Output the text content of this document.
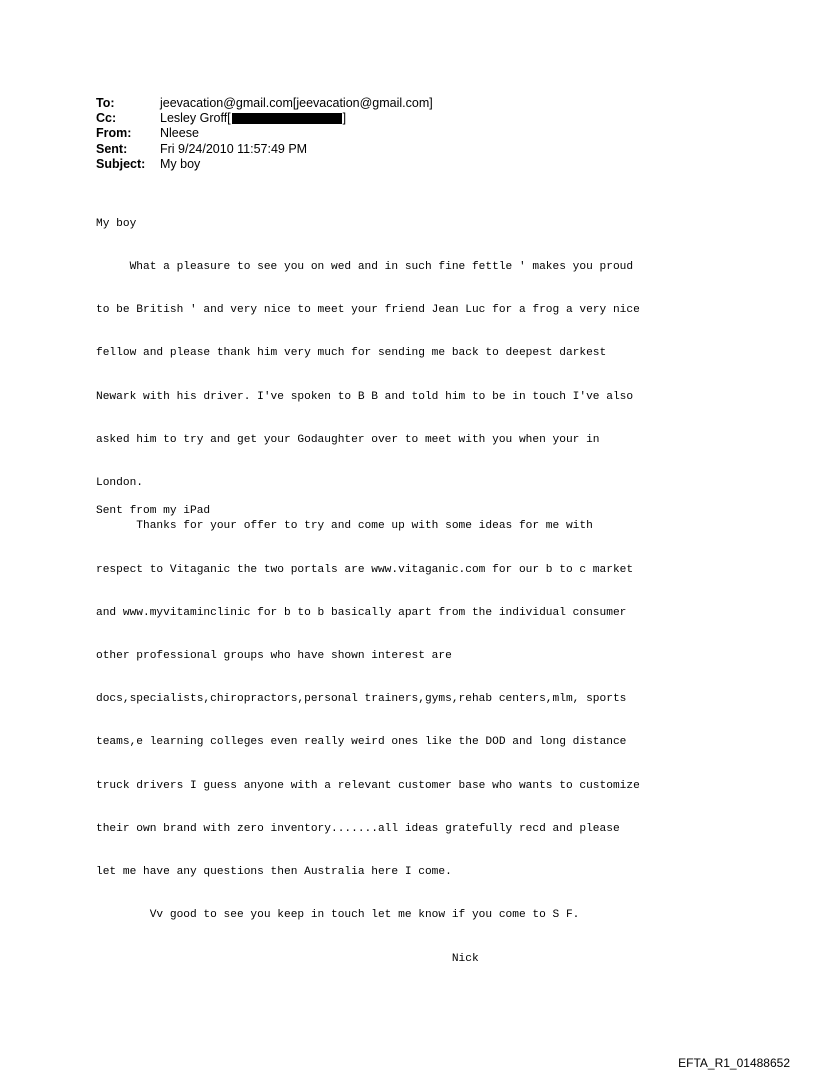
To:	jeevacation@gmail.com[jeevacation@gmail.com]
Cc:	Lesley Groff[	]
From:	Nleese
Sent:	Fri 9/24/2010 11:57:49 PM
Subject:	My boy

My boy

What a pleasure to see you on wed and in such fine fettle ' makes you proud

to be British ' and very nice to meet your friend Jean Luc for a frog a very nice

fellow and please thank him very much for sending me back to deepest darkest

Newark with his driver. I've spoken to B B and told him to be in touch I've also

asked him to try and get your Godaughter over to meet with you when your in

London.

Thanks for your offer to try and come up with some ideas for me with

respect to Vitaganic the two portals are www.vitaganic.com for our b to c market

and www.myvitaminclinic for b to b basically apart from the individual consumer

other professional groups who have shown interest are

docs,specialists,chiropractors,personal trainers,gyms,rehab centers,mlm, sports

teams,e learning colleges even really weird ones like the DOD and long distance

truck drivers I guess anyone with a relevant customer base who wants to customize

their own brand with zero inventory.......all ideas gratefully recd and please

let me have any questions then Australia here I come.

Vv good to see you keep in touch let me know if you come to S F.

Nick

Sent from my iPad
EFTA_R1_01488652
